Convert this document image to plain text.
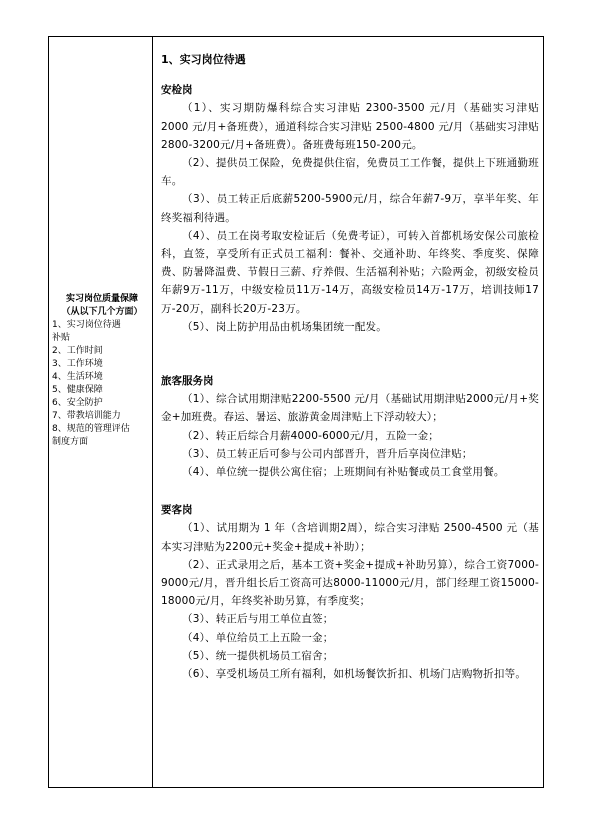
实习岗位质量保障
（从以下几个方面）
1、实习岗位待遇
补贴
2、工作时间
3、工作环境
4、生活环境
5、健康保障
6、安全防护
7、带教培训能力
8、规范的管理评估
制度方面

1、实习岗位待遇

安检岗

（1）、实习期防爆科综合实习津贴 2300-3500 元/月（基础实习津贴 2000 元/月+备班费），通道科综合实习津贴 2500-4800 元/月（基础实习津贴 2800-3200元/月+备班费）。备班费每班150-200元。

（2）、提供员工保险，免费提供住宿，免费员工工作餐，提供上下班通勤班车。

（3）、员工转正后底薪5200-5900元/月，综合年薪7-9万，享半年奖、年终奖福利待遇。

（4）、员工在岗考取安检证后（免费考证），可转入首都机场安保公司旅检科，直签，享受所有正式员工福利：餐补、交通补助、年终奖、季度奖、保障费、防暑降温费、节假日三薪、疗养假、生活福利补贴；六险两金，初级安检员年薪9万-11万，中级安检员11万-14万，高级安检员14万-17万，培训技师17万-20万，副科长20万-23万。

（5）、岗上防护用品由机场集团统一配发。

旅客服务岗

（1）、综合试用期津贴2200-5500 元/月（基础试用期津贴2000元/月+奖金+加班费。春运、暑运、旅游黄金周津贴上下浮动较大）；

（2）、转正后综合月薪4000-6000元/月，五险一金；

（3）、员工转正后可参与公司内部晋升，晋升后享岗位津贴；

（4）、单位统一提供公寓住宿；上班期间有补贴餐或员工食堂用餐。

要客岗

（1）、试用期为 1 年（含培训期2周），综合实习津贴 2500-4500 元（基本实习津贴为2200元+奖金+提成+补助）；

（2）、正式录用之后，基本工资+奖金+提成+补助另算），综合工资7000- 9000元/月，晋升组长后工资高可达8000-11000元/月，部门经理工资15000-18000元/月，年终奖补助另算，有季度奖；

（3）、转正后与用工单位直签；

（4）、单位给员工上五险一金；

（5）、统一提供机场员工宿舍；

（6）、享受机场员工所有福利，如机场餐饮折扣、机场门店购物折扣等。
